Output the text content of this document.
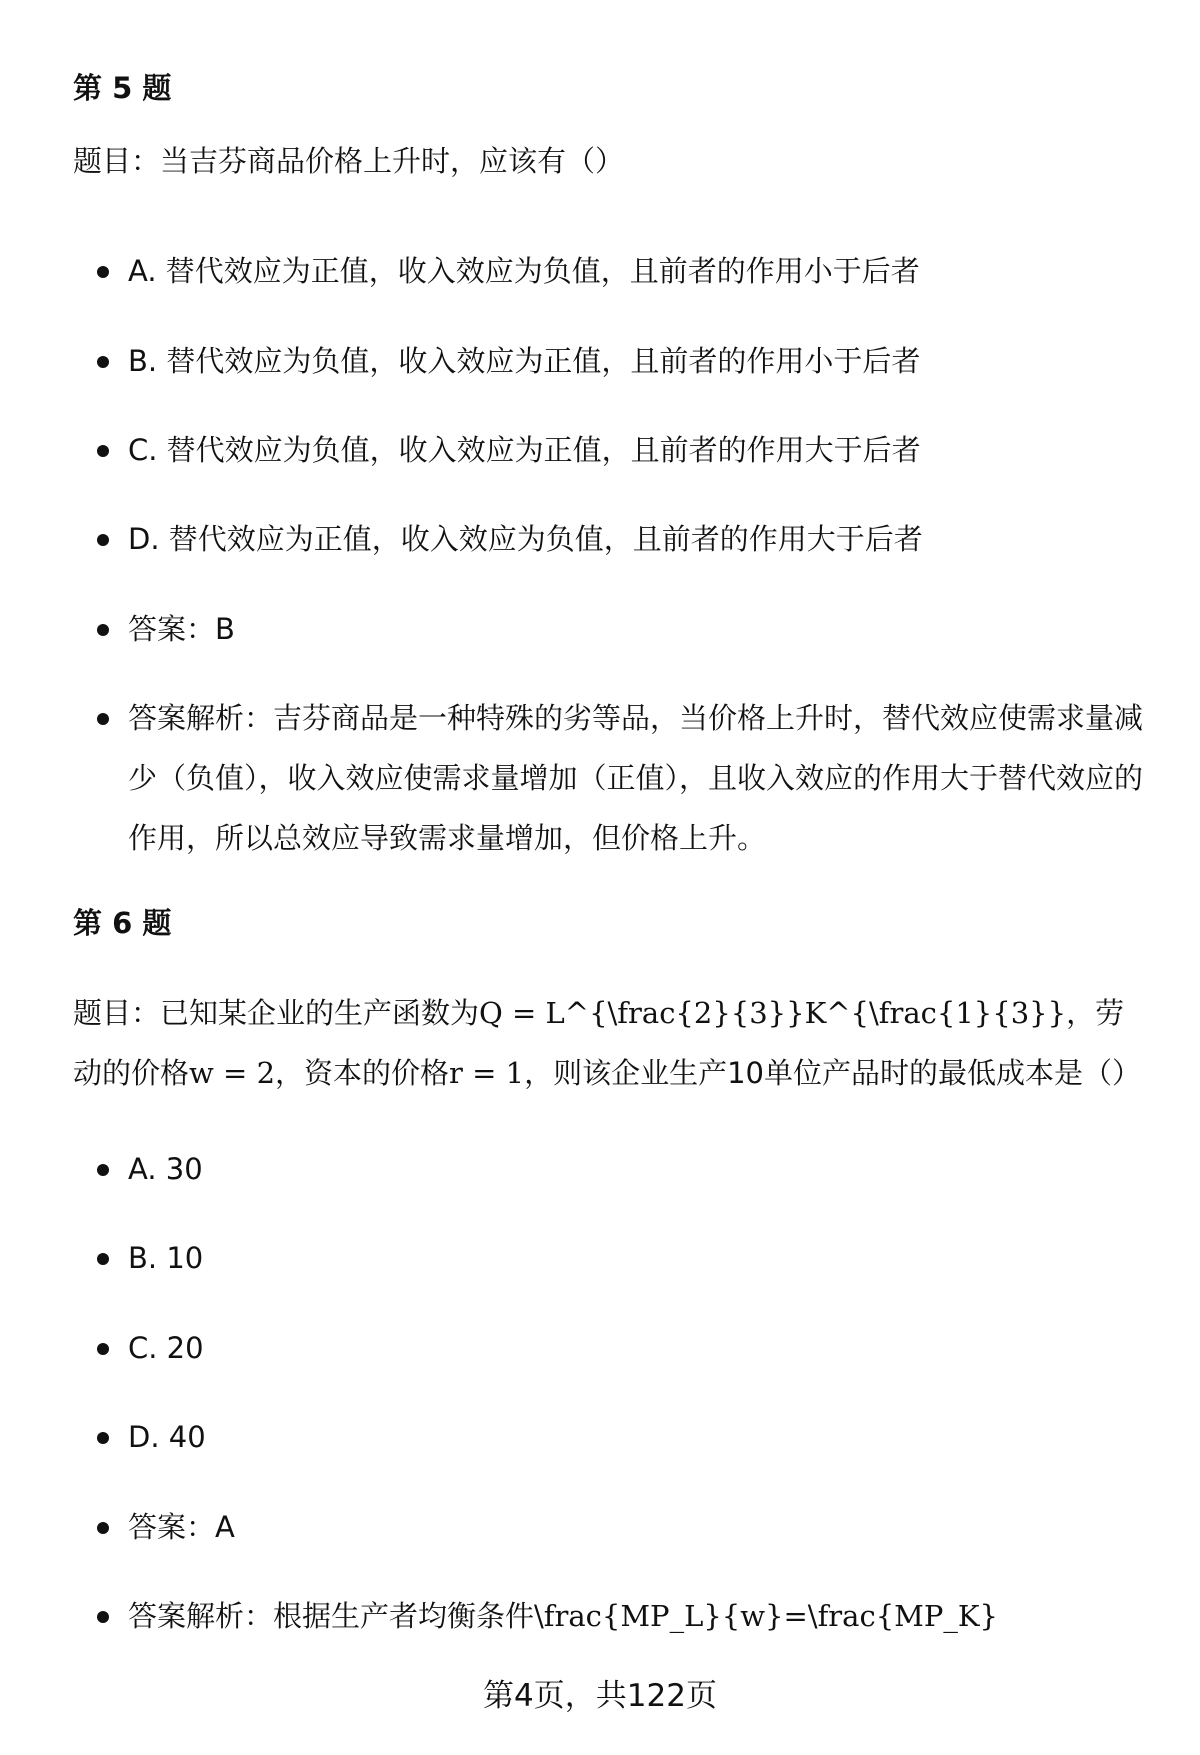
第 5 题

题目：当吉芬商品价格上升时，应该有（）

A. 替代效应为正值，收入效应为负值，且前者的作用小于后者
B. 替代效应为负值，收入效应为正值，且前者的作用小于后者
C. 替代效应为负值，收入效应为正值，且前者的作用大于后者
D. 替代效应为正值，收入效应为负值，且前者的作用大于后者
答案：B
答案解析：吉芬商品是一种特殊的劣等品，当价格上升时，替代效应使需求量减少（负值），收入效应使需求量增加（正值），且收入效应的作用大于替代效应的作用，所以总效应导致需求量增加，但价格上升。
第 6 题

题目：已知某企业的生产函数为Q = L^{\frac{2}{3}}K^{\frac{1}{3}}，劳动的价格w = 2，资本的价格r = 1，则该企业生产10单位产品时的最低成本是（）

A. 30
B. 10
C. 20
D. 40
答案：A
答案解析：根据生产者均衡条件\frac{MP_L}{w}=\frac{MP_K}
第4页，共122页
